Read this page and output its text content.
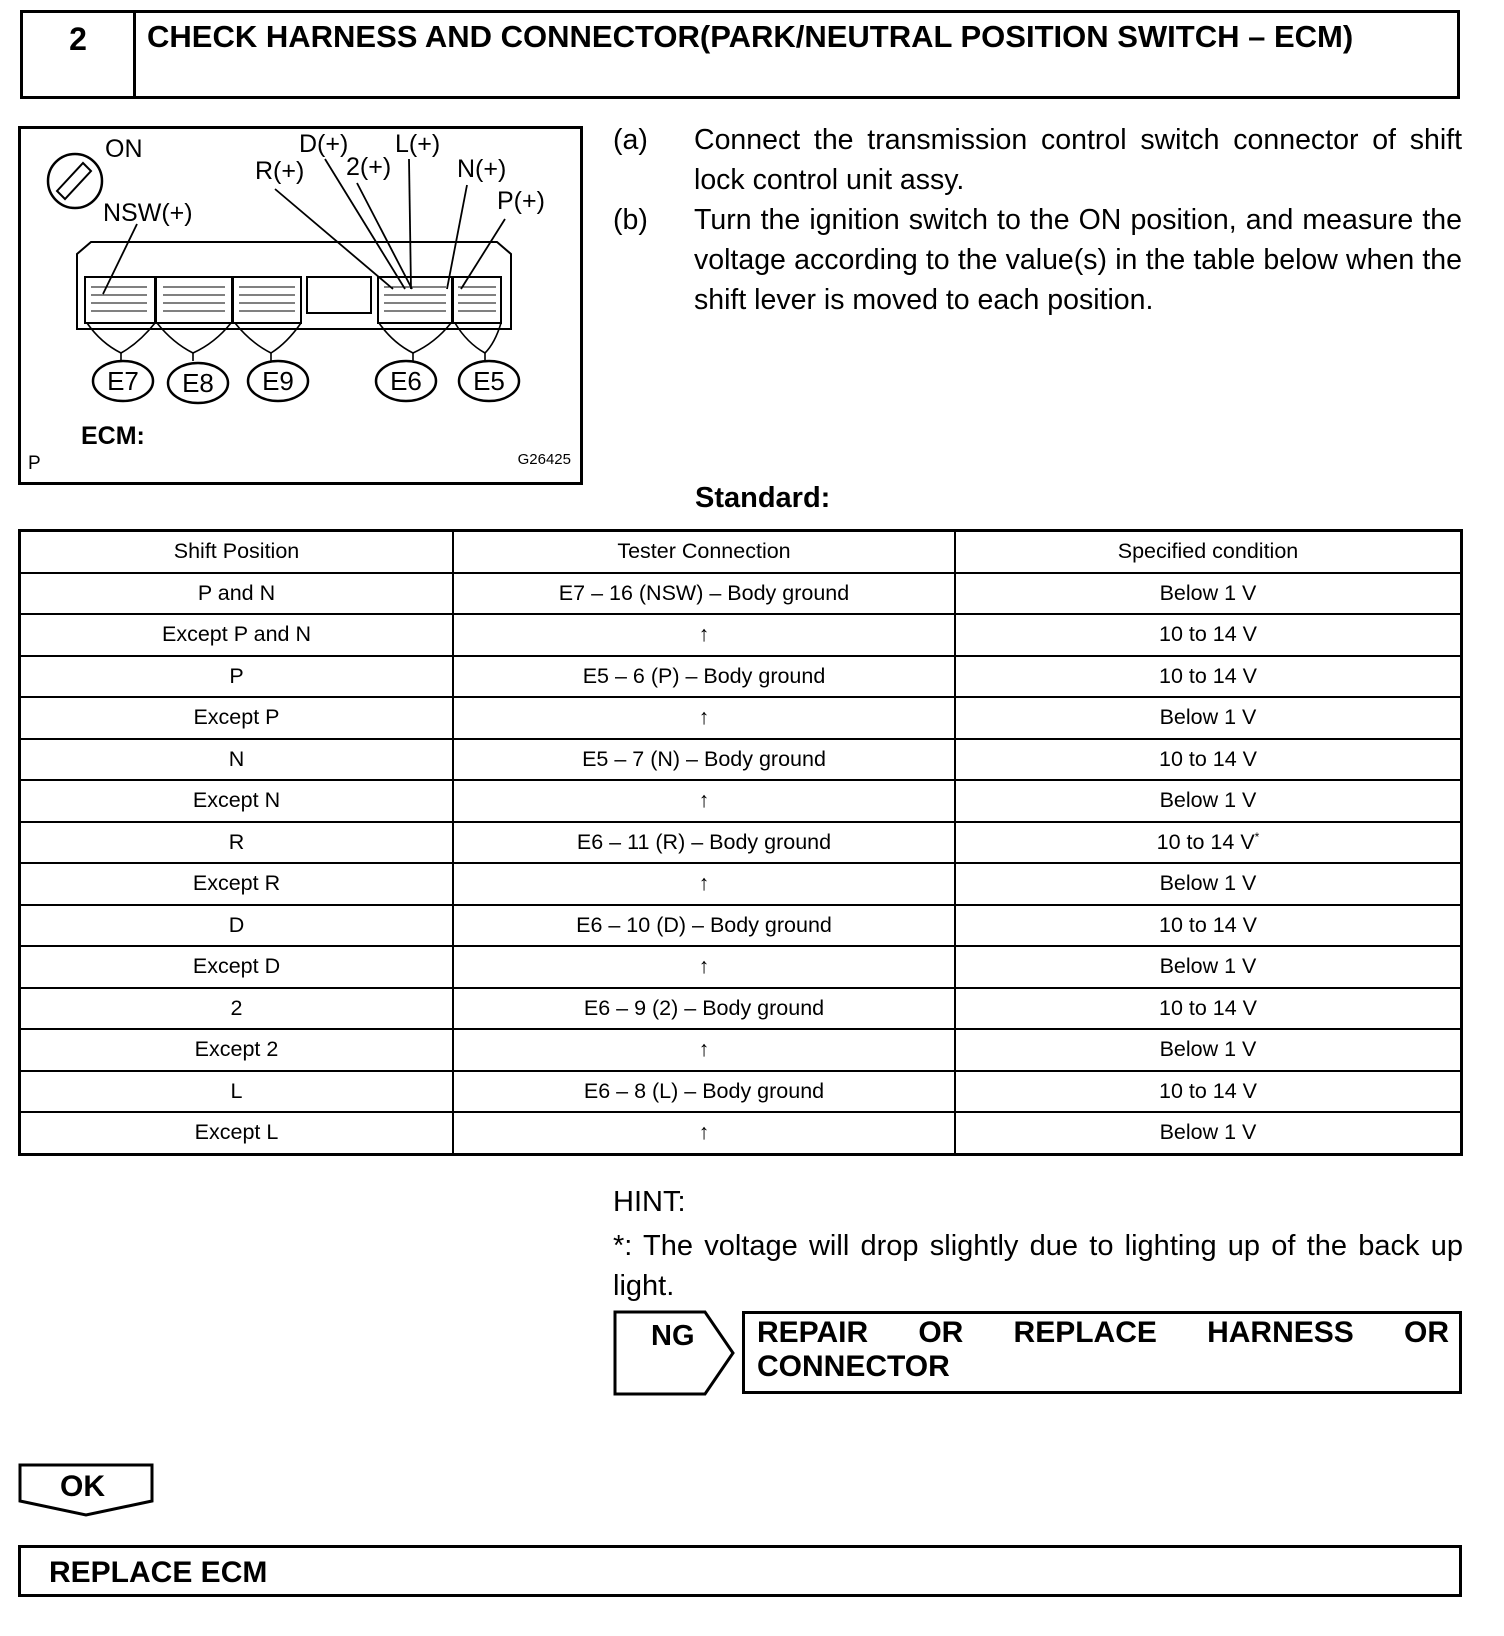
2	CHECK HARNESS AND CONNECTOR(PARK/NEUTRAL POSITION SWITCH – ECM)
ON
NSW(+)
R(+)
D(+)
2(+)
L(+)
N(+)
P(+)
E7 E8 E9	E6 E5
ECM:
P	G26425
(a) Connect the transmission control switch connector of shift lock control unit assy.
(b) Turn the ignition switch to the ON position, and measure the voltage according to the value(s) in the table below when the shift lever is moved to each position.
Standard:
Shift Position	Tester Connection	Specified condition
P and N	E7 – 16 (NSW) – Body ground	Below 1 V
Except P and N	↑	10 to 14 V
P	E5 – 6 (P) – Body ground	10 to 14 V
Except P	↑	Below 1 V
N	E5 – 7 (N) – Body ground	10 to 14 V
Except N	↑	Below 1 V
R	E6 – 11 (R) – Body ground	10 to 14 V*
Except R	↑	Below 1 V
D	E6 – 10 (D) – Body ground	10 to 14 V
Except D	↑	Below 1 V
2	E6 – 9 (2) – Body ground	10 to 14 V
Except 2	↑	Below 1 V
L	E6 – 8 (L) – Body ground	10 to 14 V
Except L	↑	Below 1 V
HINT:
*: The voltage will drop slightly due to lighting up of the back up light.
NG REPAIR OR REPLACE HARNESS OR
CONNECTOR
OK
REPLACE ECM
